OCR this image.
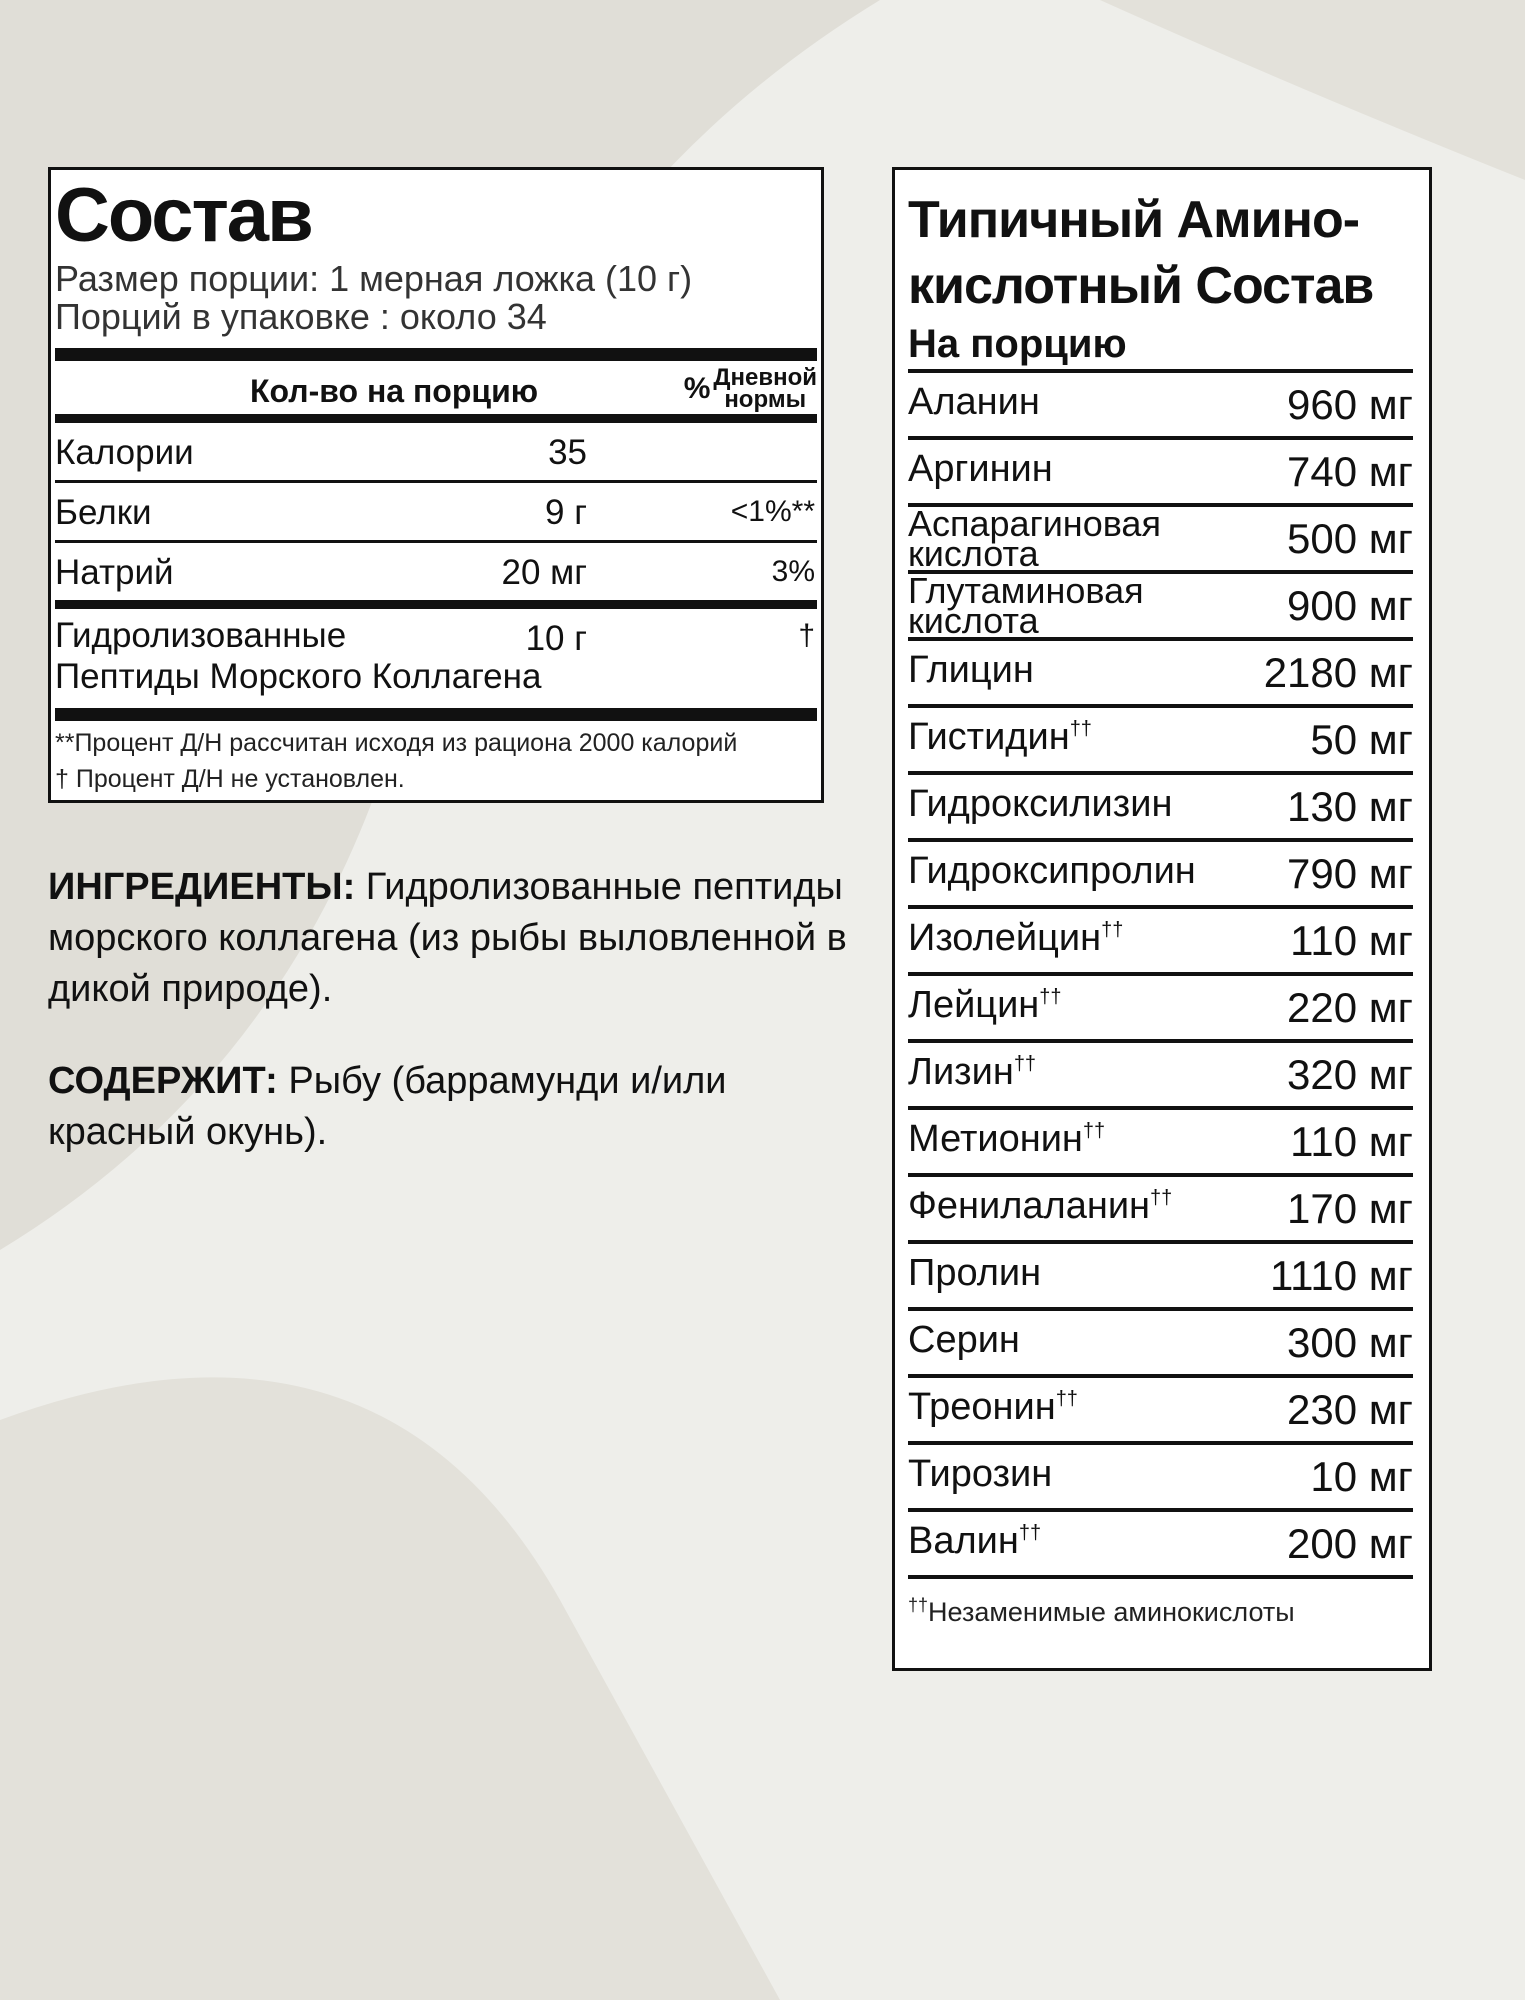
Состав
Размер порции: 1 мерная ложка (10 г)
Порций в упаковке : около 34
Кол-во на порцию	% Дневной
нормы
Калории	35
Белки	9 г	<1%**
Натрий	20 мг	3%
Гидролизованные
Пептиды Морского Коллагена
10 г	†
**Процент Д/Н рассчитан исходя из рациона 2000 калорий
† Процент Д/Н не установлен.

ИНГРЕДИЕНТЫ: Гидролизованные пептиды морского коллагена (из рыбы выловленной в дикой природе).

СОДЕРЖИТ: Рыбу (баррамунди и/или красный окунь).

Типичный Амино-
кислотный Состав
На порцию
Аланин	960 мг
Аргинин	740 мг
Аспарагиновая
кислота	500 мг
Глутаминовая
кислота	900 мг
Глицин	2180 мг
Гистидин††	50 мг
Гидроксилизин	130 мг
Гидроксипролин 790 мг
Изолейцин††	110 мг
Лейцин††	220 мг
Лизин††	320 мг
Метионин††	110 мг
Фенилаланин††	170 мг
Пролин	1110 мг
Серин	300 мг
Треонин††	230 мг
Тирозин	10 мг
Валин††	200 мг
††Незаменимые аминокислоты
